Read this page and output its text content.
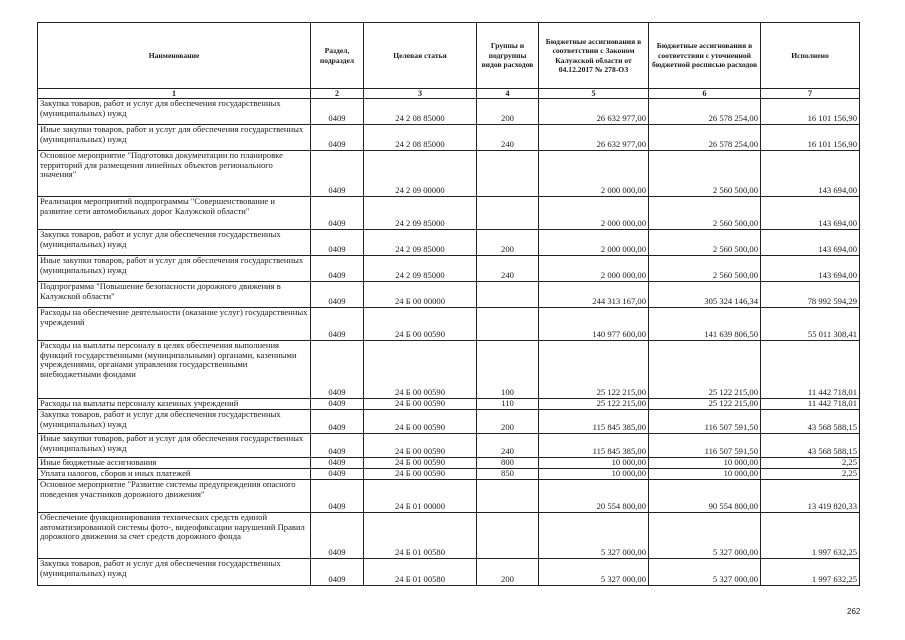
Наименование	Раздел, подраздел	Целевая статья	Группы и подгруппы видов расходов	Бюджетные ассигнования в соответствии с Законом Калужской области от 04.12.2017 № 278-ОЗ	Бюджетные ассигнования в соответствии с уточненной бюджетной росписью расходов	Исполнено
1	2	3	4	5	6	7
Закупка товаров, работ и услуг для обеспечения государственных (муниципальных) нужд	0409	24 2 08 85000	200	26 632 977,00	26 578 254,00	16 101 156,90
Иные закупки товаров, работ и услуг для обеспечения государственных (муниципальных) нужд	0409	24 2 08 85000	240	26 632 977,00	26 578 254,00	16 101 156,90
Основное мероприятие "Подготовка документации по планировке территорий для размещения линейных объектов регионального значения"	0409	24 2 09 00000		2 000 000,00	2 560 500,00	143 694,00
Реализация мероприятий подпрограммы "Совершенствование и развитие сети автомобильных дорог Калужской области"	0409	24 2 09 85000		2 000 000,00	2 560 500,00	143 694,00
Закупка товаров, работ и услуг для обеспечения государственных (муниципальных) нужд	0409	24 2 09 85000	200	2 000 000,00	2 560 500,00	143 694,00
Иные закупки товаров, работ и услуг для обеспечения государственных (муниципальных) нужд	0409	24 2 09 85000	240	2 000 000,00	2 560 500,00	143 694,00
Подпрограмма "Повышение безопасности дорожного движения в Калужской области"	0409	24 Б 00 00000		244 313 167,00	305 324 146,34	78 992 594,29
Расходы на обеспечение деятельности (оказание услуг) государственных учреждений	0409	24 Б 00 00590		140 977 600,00	141 639 806,50	55 011 308,41
Расходы на выплаты персоналу в целях обеспечения выполнения функций государственными (муниципальными) органами, казенными учреждениями, органами управления государственными внебюджетными фондами	0409	24 Б 00 00590	100	25 122 215,00	25 122 215,00	11 442 718,01
Расходы на выплаты персоналу казенных учреждений	0409	24 Б 00 00590	110	25 122 215,00	25 122 215,00	11 442 718,01
Закупка товаров, работ и услуг для обеспечения государственных (муниципальных) нужд	0409	24 Б 00 00590	200	115 845 385,00	116 507 591,50	43 568 588,15
Иные закупки товаров, работ и услуг для обеспечения государственных (муниципальных) нужд	0409	24 Б 00 00590	240	115 845 385,00	116 507 591,50	43 568 588,15
Иные бюджетные ассигнования	0409	24 Б 00 00590	800	10 000,00	10 000,00	2,25
Уплата налогов, сборов и иных платежей	0409	24 Б 00 00590	850	10 000,00	10 000,00	2,25
Основное мероприятие "Развитие системы предупреждения опасного поведения участников дорожного движения"	0409	24 Б 01 00000		20 554 800,00	90 554 800,00	13 419 820,33
Обеспечение функционирования технических средств единой автоматизированной системы фото-, видеофиксации нарушений Правил дорожного движения за счет средств дорожного фонда	0409	24 Б 01 00580		5 327 000,00	5 327 000,00	1 997 632,25
Закупка товаров, работ и услуг для обеспечения государственных (муниципальных) нужд	0409	24 Б 01 00580	200	5 327 000,00	5 327 000,00	1 997 632,25
262
